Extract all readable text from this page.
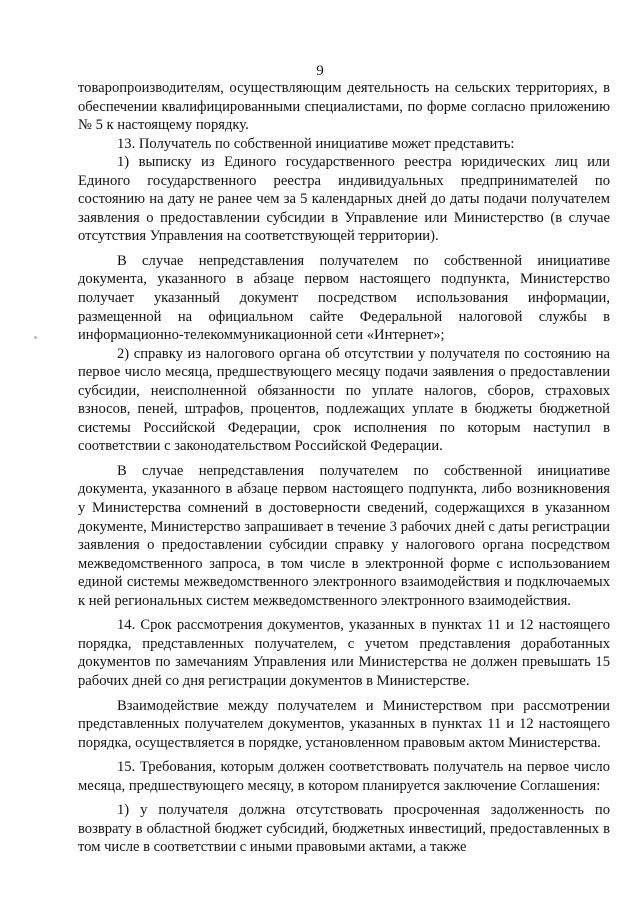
9

товаропроизводителям, осуществляющим деятельность на сельских территориях, в обеспечении квалифицированными специалистами, по форме согласно приложению № 5 к настоящему порядку.

13. Получатель по собственной инициативе может представить:

1) выписку из Единого государственного реестра юридических лиц или Единого государственного реестра индивидуальных предпринимателей по состоянию на дату не ранее чем за 5 календарных дней до даты подачи получателем заявления о предоставлении субсидии в Управление или Министерство (в случае отсутствия Управления на соответствующей территории).

В случае непредставления получателем по собственной инициативе документа, указанного в абзаце первом настоящего подпункта, Министерство получает указанный документ посредством использования информации, размещенной на официальном сайте Федеральной налоговой службы в информационно-телекоммуникационной сети «Интернет»;

2) справку из налогового органа об отсутствии у получателя по состоянию на первое число месяца, предшествующего месяцу подачи заявления о предоставлении субсидии, неисполненной обязанности по уплате налогов, сборов, страховых взносов, пеней, штрафов, процентов, подлежащих уплате в бюджеты бюджетной системы Российской Федерации, срок исполнения по которым наступил в соответствии с законодательством Российской Федерации.

В случае непредставления получателем по собственной инициативе документа, указанного в абзаце первом настоящего подпункта, либо возникновения у Министерства сомнений в достоверности сведений, содержащихся в указанном документе, Министерство запрашивает в течение 3 рабочих дней с даты регистрации заявления о предоставлении субсидии справку у налогового органа посредством межведомственного запроса, в том числе в электронной форме с использованием единой системы межведомственного электронного взаимодействия и подключаемых к ней региональных систем межведомственного электронного взаимодействия.

14. Срок рассмотрения документов, указанных в пунктах 11 и 12 настоящего порядка, представленных получателем, с учетом представления доработанных документов по замечаниям Управления или Министерства не должен превышать 15 рабочих дней со дня регистрации документов в Министерстве.

Взаимодействие между получателем и Министерством при рассмотрении представленных получателем документов, указанных в пунктах 11 и 12 настоящего порядка, осуществляется в порядке, установленном правовым актом Министерства.

15. Требования, которым должен соответствовать получатель на первое число месяца, предшествующего месяцу, в котором планируется заключение Соглашения:

1) у получателя должна отсутствовать просроченная задолженность по возврату в областной бюджет субсидий, бюджетных инвестиций, предоставленных в том числе в соответствии с иными правовыми актами, а также
